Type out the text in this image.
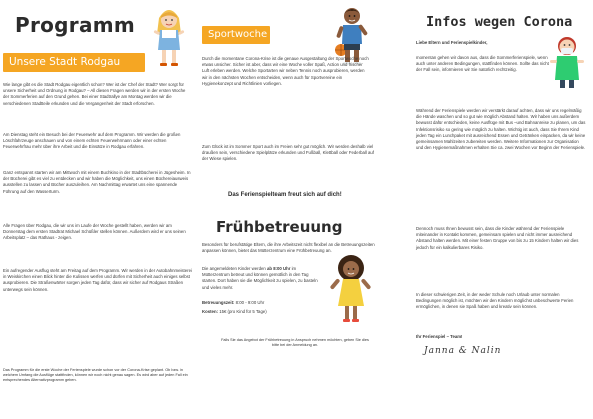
Programm
Unsere Stadt Rodgau
Wie lange gibt es die Stadt Rodgau eigentlich schon? Wer ist der Chef der Stadt? Wer sorgt für unsere Sicherheit und Ordnung in Rodgau? – All diesen Fragen werden wir in der ersten Woche der Sommerferien auf den Grund gehen. Bei einer Stadtrallye am Montag werden wir die verschiedenen Stadtteile erkunden und die Vergangenheit der Stadt erforschen.
Am Dienstag steht ein Besuch bei der Feuerwehr auf dem Programm. Wir werden die großen Löschfahrzeuge anschauen und von einem echten Feuerwehrmann oder einer echten Feuerwehrfrau mehr über ihre Arbeit und die Einsätze in Rodgau erfahren.
Ganz entspannt starten wir am Mittwoch mit einem Buchkino in der Stadtbücherei in Jügesheim. In der Bücherei gibt es viel zu entdecken und wir haben die Möglichkeit, uns einen Büchereiausweis ausstellen zu lassen und Bücher auszuleihen. Am Nachmittag erwartet uns eine spannende Führung auf den Wasserturm.
Alle Fragen über Rodgau, die wir uns im Laufe der Woche gestellt haben, werden wir am Donnerstag dem ersten Stadtrat Michael Schüßler stellen können. Außerdem wird er uns seinen Arbeitsplatz – das Rathaus - zeigen.
Ein aufregender Ausflug steht am Freitag auf dem Programm. Wir werden in der Autobahnmeisterei in Weiskirchen einen Blick hinter die Kulissen werfen und dürfen mit Sicherheit auch einiges selbst ausprobieren. Die Straßenwärter sorgen jeden Tag dafür, dass wir sicher auf Rodgaus Straßen unterwegs sein können.
Das Programm für die erste Woche der Ferienspiele wurde schon vor der Corona-Krise geplant. Ob bzw. in welchem Umfang die Ausflüge stattfinden, können wir noch nicht genau sagen. Es wird aber auf jeden Fall ein entsprechendes Alternativprogramm geben.
Sportwoche
Durch die momentane Corona-Krise ist die genaue Ausgestaltung der Sportwoche noch etwas unsicher. Sicher ist aber, dass wir eine Woche voller Spaß, Action und frischer Luft erleben werden. Welche Sportarten wir neben Tennis noch ausprobieren, werden wir in den nächsten Wochen entscheiden, wenn auch für Sportvereine ein Hygienekonzept und Richtlinien vorliegen.
Zum Glück ist im Sommer Sport auch im Freien sehr gut möglich. Wir werden deshalb viel draußen sein, verschiedene Spielplätze erkunden und Fußball, Klettball oder Federball auf der Wiese spielen.
Das Ferienspielteam freut sich auf dich!
Frühbetreuung
Besonders für berufstätige Eltern, die ihre Arbeitszeit nicht flexibel an die Betreuungszeiten anpassen können, bietet das Mütterzentrum eine Frühbetreuung an.
Die angemeldeten Kinder werden ab 8:00 Uhr im Mütterzentrum betreut und können gemütlich in den Tag starten. Dort haben sie die Möglichkeit zu spielen, zu basteln und vieles mehr.
Betreuungszeit: 8:00 - 9:00 Uhr
Kosten: 15€ (pro Kind für 5 Tage)
Falls Sie das Angebot der Frühbetreuung in Anspruch nehmen möchten, geben Sie dies bitte bei der Anmeldung an.
Infos wegen Corona
Liebe Eltern und Ferienspielkinder,
momentan gehen wir davon aus, dass die Sommerferienspiele, wenn auch unter anderen Bedingungen, stattfinden können. Sollte das nicht der Fall sein, informieren wir Sie natürlich rechtzeitig.
Während der Ferienspiele werden wir verstärkt darauf achten, dass wir uns regelmäßig die Hände waschen und so gut wie möglich Abstand halten. Wir haben uns außerdem bewusst dafür entschieden, keine Ausflüge mit Bus –und Bahnanreise zu planen, um das Infektionsrisiko so gering wie möglich zu halten. Wichtig ist auch, dass Sie Ihrem Kind jeden Tag ein Lunchpaket mit ausreichend Essen und Getränken einpacken, da wir keine gemeinsamen Mahlzeiten zubereiten werden. Weitere Informationen zur Organisation und den Hygienemaßnahmen erhalten Sie ca. zwei Wochen vor Beginn der Ferienspiele.
Dennoch muss Ihnen bewusst sein, dass die Kinder während der Ferienspiele miteinander in Kontakt kommen, gemeinsam spielen und nicht immer ausreichend Abstand halten werden. Mit einer festen Gruppe von bis zu 15 Kindern halten wir dies jedoch für ein kalkulierbares Risiko.
In dieser schwierigen Zeit, in der weder Schule noch Urlaub unter normalen Bedingungen möglich ist, möchten wir den Kindern möglichst unbeschwerte Ferien ermöglichen, in denen sie Spaß haben und kreativ sein können.
Ihr Ferienspiel – Team!
Janna & Nalin
